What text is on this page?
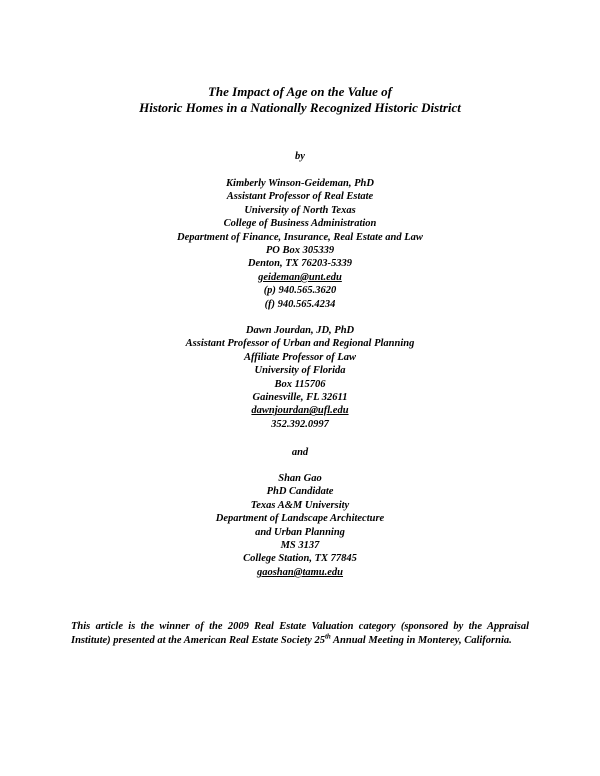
The Impact of Age on the Value of
Historic Homes in a Nationally Recognized Historic District
by
Kimberly Winson-Geideman, PhD
Assistant Professor of Real Estate
University of North Texas
College of Business Administration
Department of Finance, Insurance, Real Estate and Law
PO Box 305339
Denton, TX 76203-5339
geideman@unt.edu
(p) 940.565.3620
(f) 940.565.4234
Dawn Jourdan, JD, PhD
Assistant Professor of Urban and Regional Planning
Affiliate Professor of Law
University of Florida
Box 115706
Gainesville, FL 32611
dawnjourdan@ufl.edu
352.392.0997
and
Shan Gao
PhD Candidate
Texas A&M University
Department of Landscape Architecture
and Urban Planning
MS 3137
College Station, TX 77845
gaoshan@tamu.edu
This article is the winner of the 2009 Real Estate Valuation category (sponsored by the Appraisal Institute) presented at the American Real Estate Society 25th Annual Meeting in Monterey, California.
